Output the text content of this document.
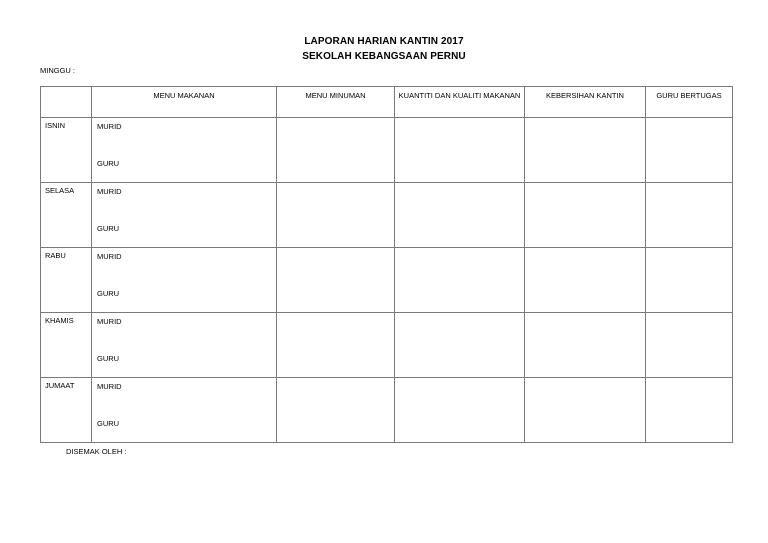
LAPORAN HARIAN KANTIN 2017
SEKOLAH KEBANGSAAN PERNU
MINGGU :
	MENU MAKANAN	MENU MINUMAN	KUANTITI DAN KUALITI MAKANAN	KEBERSIHAN KANTIN	GURU BERTUGAS
ISNIN	MURID
GURU				

SELASA	MURID
GURU				

RABU	MURID
GURU				

KHAMIS	MURID
GURU				

JUMAAT	MURID
GURU				

DISEMAK OLEH :
